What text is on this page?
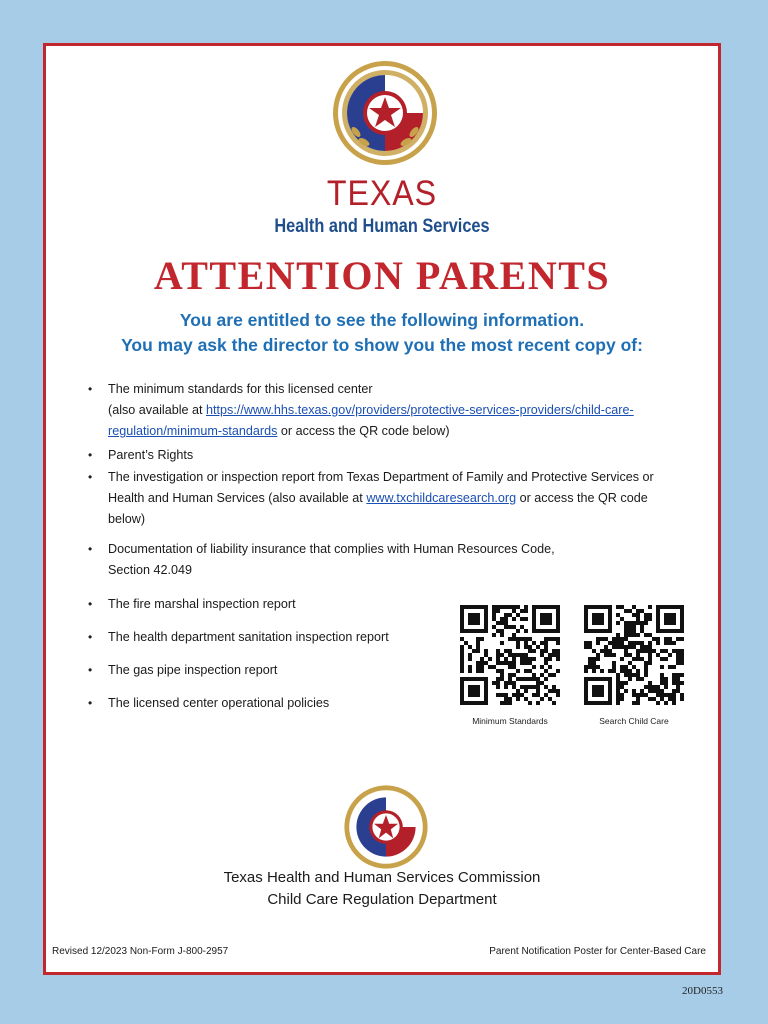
TEXAS
Health and Human Services
ATTENTION PARENTS
You are entitled to see the following information.
You may ask the director to show you the most recent copy of:
• The minimum standards for this licensed center
(also available at https://www.hhs.texas.gov/providers/protective-services-providers/child-care-
regulation/minimum-standards or access the QR code below)
• Parent’s Rights
• The investigation or inspection report from Texas Department of Family and Protective Services or
Health and Human Services (also available at www.txchildcaresearch.org or access the QR code
below)
• Documentation of liability insurance that complies with Human Resources Code,
Section 42.049
• The fire marshal inspection report
• The health department sanitation inspection report
• The gas pipe inspection report
• The licensed center operational policies
Minimum Standards	Search Child Care
Texas Health and Human Services Commission
Child Care Regulation Department
Revised 12/2023 Non-Form J-800-2957	Parent Notification Poster for Center-Based Care
20D0553
